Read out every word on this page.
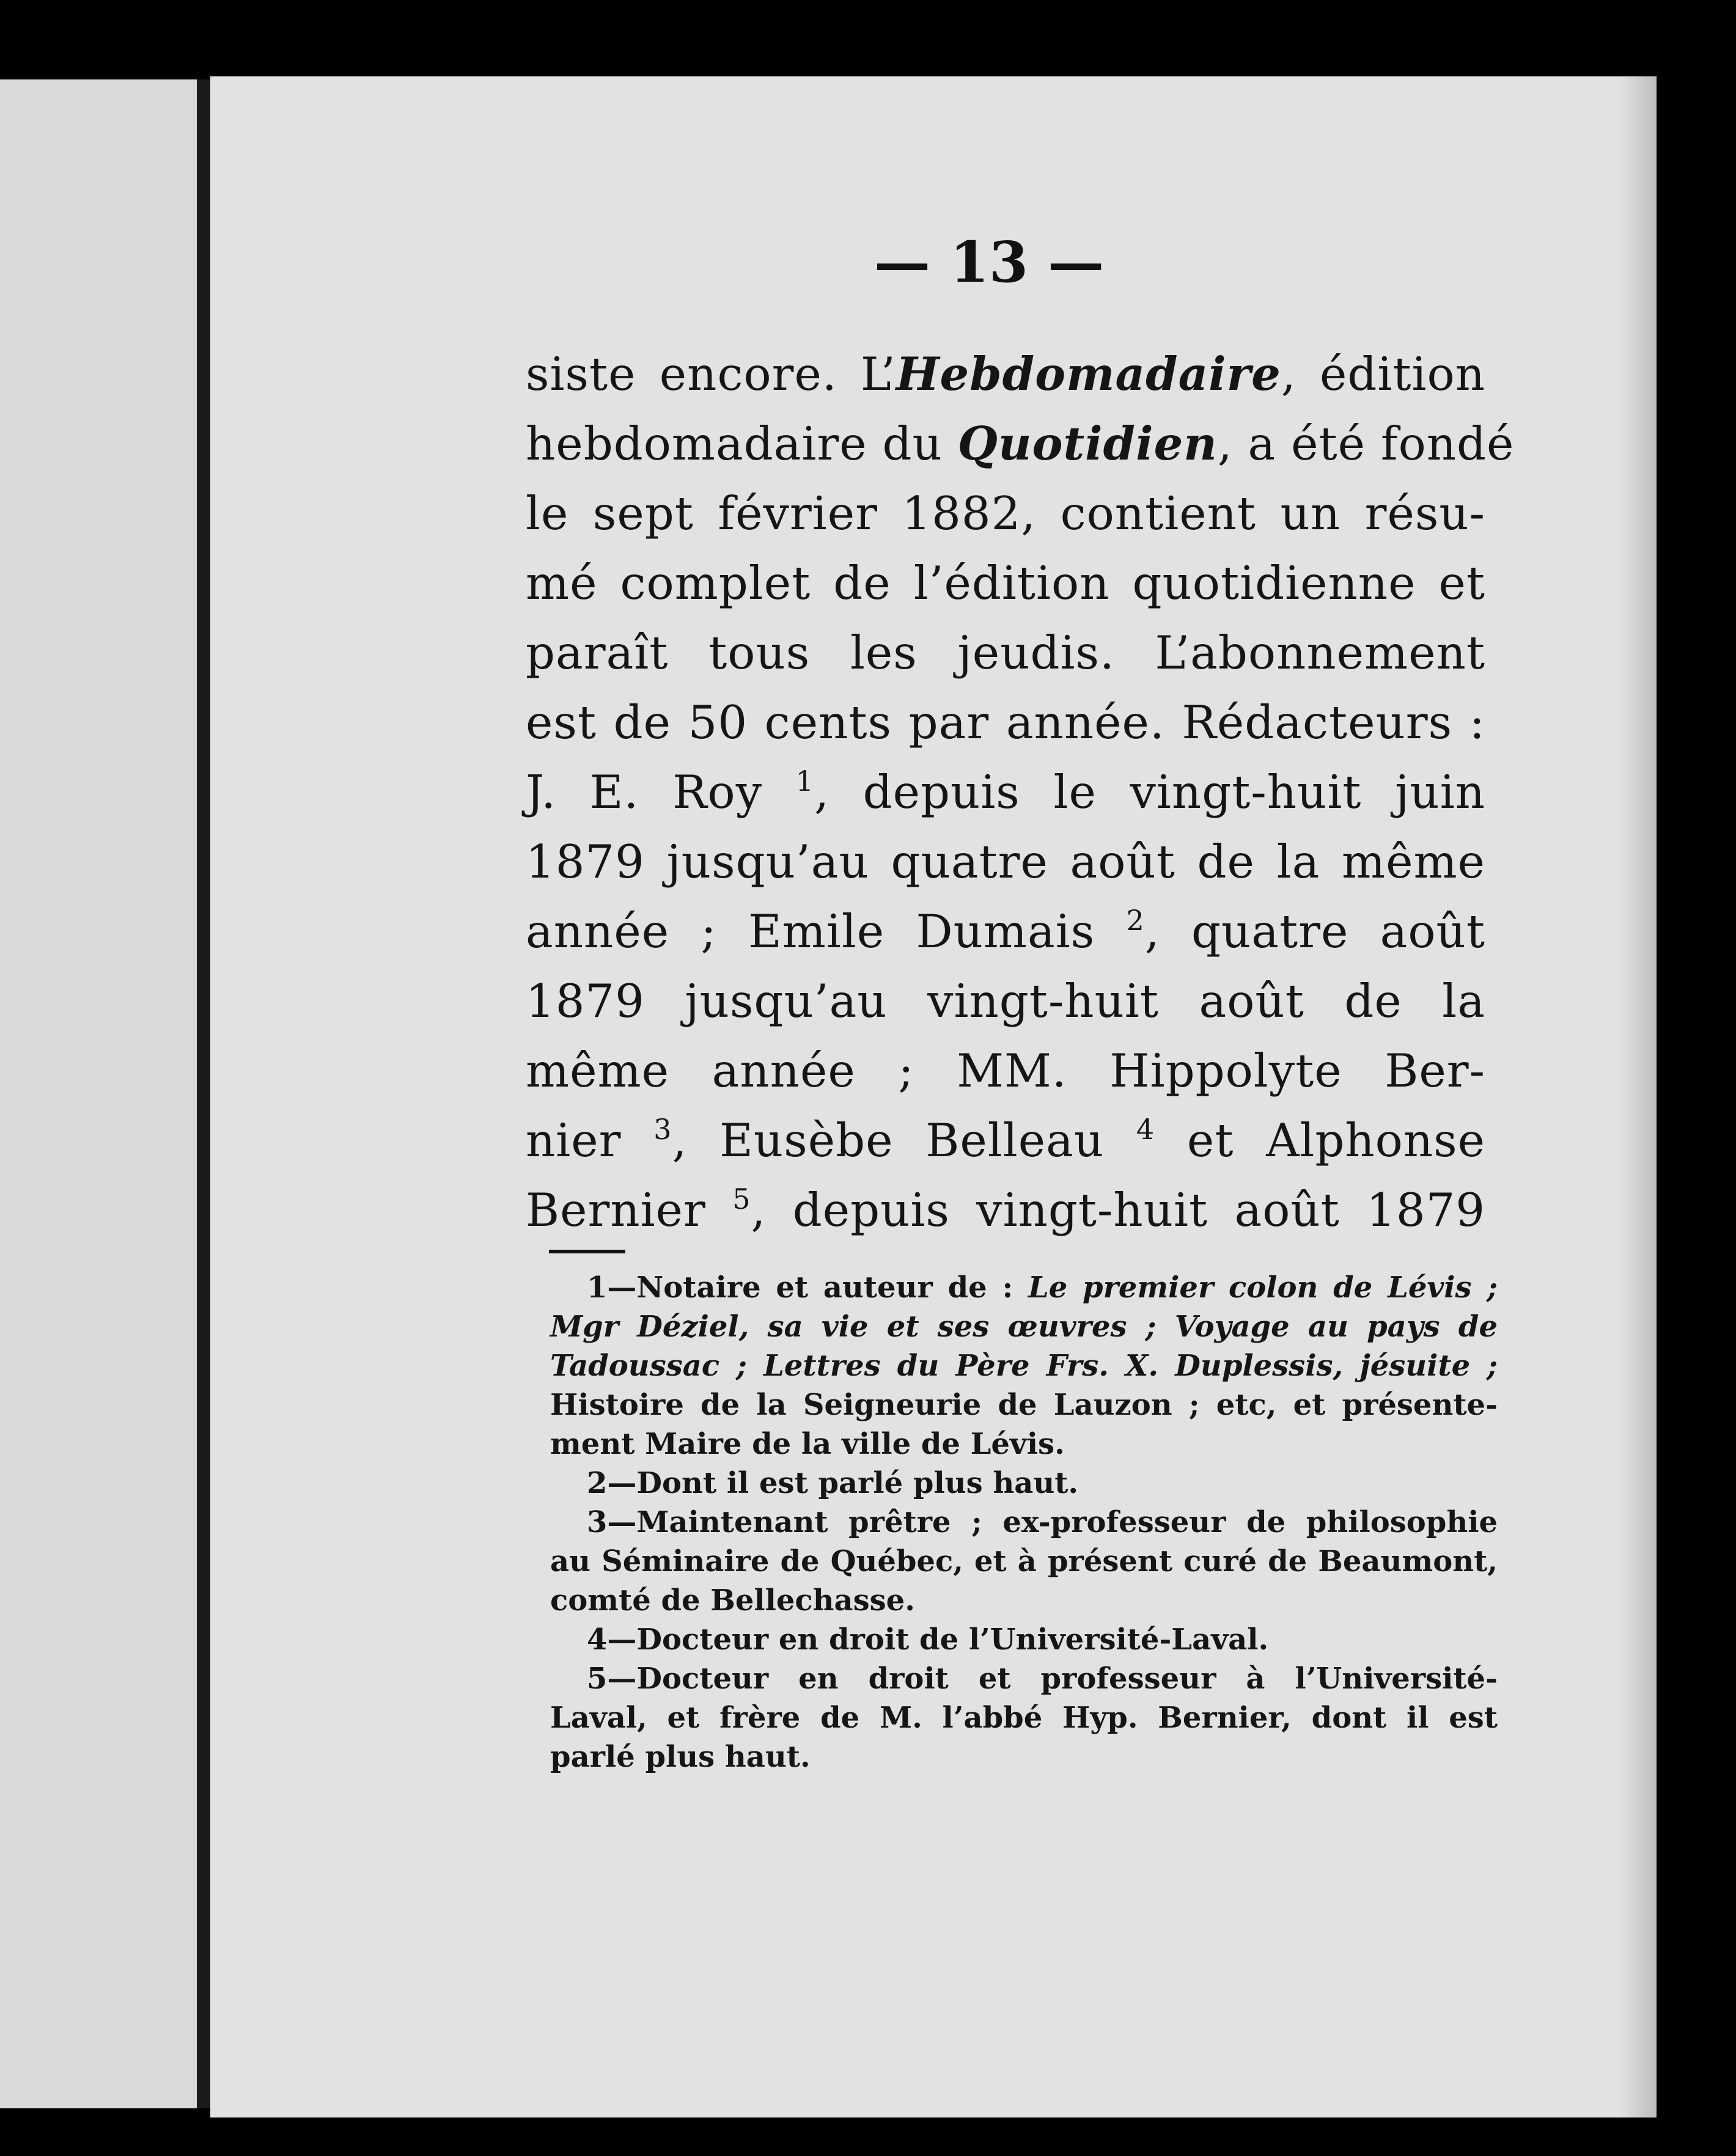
— 13 —
siste encore. L’Hebdomadaire, édition
hebdomadaire du Quotidien, a été fondé
le sept février 1882, contient un résu-
mé complet de l’édition quotidienne et
paraît tous les jeudis. L’abonnement
est de 50 cents par année. Rédacteurs :
J. E. Roy $^1$, depuis le vingt-huit juin
1879 jusqu’au quatre août de la même
année ; Emile Dumais $^2$, quatre août
1879 jusqu’au vingt-huit août de la
même année ; MM. Hippolyte Ber-
nier $^3$, Eusèbe Belleau $^4$ et Alphonse
Bernier $^5$, depuis vingt-huit août 1879
1—Notaire et auteur de : Le premier colon de Lévis ;
Mgr Déziel, sa vie et ses œuvres ; Voyage au pays de
Tadoussac ; Lettres du Père Frs. X. Duplessis, jésuite ;
Histoire de la Seigneurie de Lauzon ; etc, et présente-
ment Maire de la ville de Lévis.
2—Dont il est parlé plus haut.
3—Maintenant prêtre ; ex-professeur de philosophie
au Séminaire de Québec, et à présent curé de Beaumont,
comté de Bellechasse.
4—Docteur en droit de l’Université-Laval.
5—Docteur en droit et professeur à l’Université-
Laval, et frère de M. l’abbé Hyp. Bernier, dont il est
parlé plus haut.
